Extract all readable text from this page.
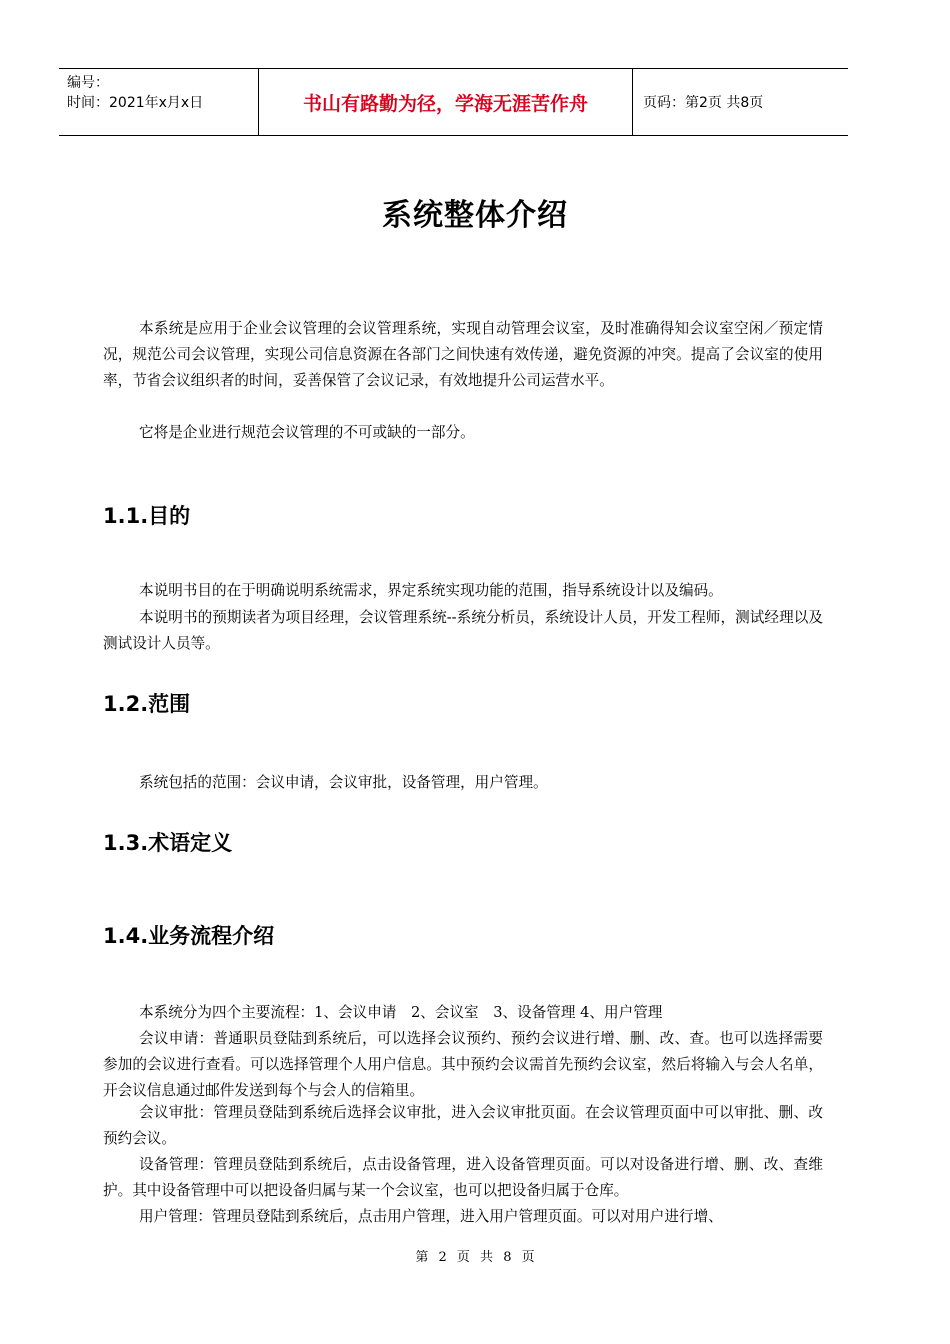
编号：
时间：2021年x月x日	书山有路勤为径，学海无涯苦作舟	页码：第2页 共8页
系统整体介绍

本系统是应用于企业会议管理的会议管理系统，实现自动管理会议室，及时准确得知会议室空闲／预定情况，规范公司会议管理，实现公司信息资源在各部门之间快速有效传递，避免资源的冲突。提高了会议室的使用率，节省会议组织者的时间，妥善保管了会议记录，有效地提升公司运营水平。

它将是企业进行规范会议管理的不可或缺的一部分。

1.1.目的

本说明书目的在于明确说明系统需求，界定系统实现功能的范围，指导系统设计以及编码。

本说明书的预期读者为项目经理，会议管理系统--系统分析员，系统设计人员，开发工程师，测试经理以及测试设计人员等。

1.2.范围

系统包括的范围：会议申请，会议审批，设备管理，用户管理。

1.3.术语定义
1.4.业务流程介绍

本系统分为四个主要流程：1、会议申请　2、会议室　3、设备管理 4、用户管理

会议申请：普通职员登陆到系统后，可以选择会议预约、预约会议进行增、删、改、查。也可以选择需要参加的会议进行查看。可以选择管理个人用户信息。其中预约会议需首先预约会议室，然后将输入与会人名单，开会议信息通过邮件发送到每个与会人的信箱里。

会议审批：管理员登陆到系统后选择会议审批，进入会议审批页面。在会议管理页面中可以审批、删、改预约会议。

设备管理：管理员登陆到系统后，点击设备管理，进入设备管理页面。可以对设备进行增、删、改、查维护。其中设备管理中可以把设备归属与某一个会议室，也可以把设备归属于仓库。

用户管理：管理员登陆到系统后，点击用户管理，进入用户管理页面。可以对用户进行增、

第 2 页 共 8 页
